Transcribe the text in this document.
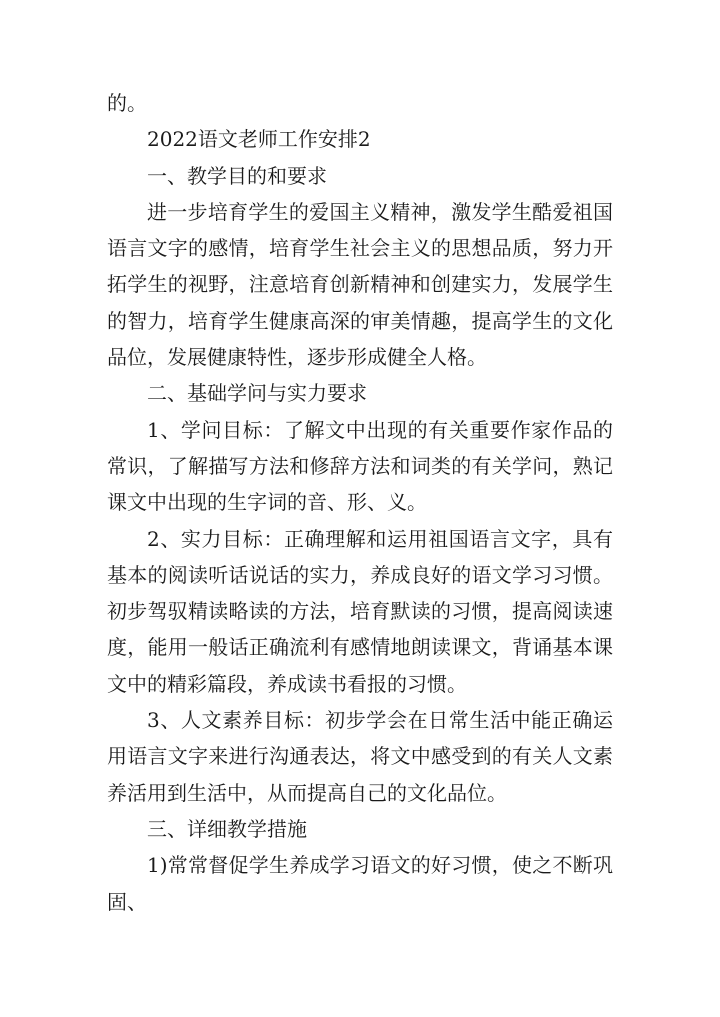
的。

2022语文老师工作安排2

一、教学目的和要求

进一步培育学生的爱国主义精神，激发学生酷爱祖国语言文字的感情，培育学生社会主义的思想品质，努力开拓学生的视野，注意培育创新精神和创建实力，发展学生的智力，培育学生健康高深的审美情趣，提高学生的文化品位，发展健康特性，逐步形成健全人格。

二、基础学问与实力要求

1、学问目标：了解文中出现的有关重要作家作品的常识，了解描写方法和修辞方法和词类的有关学问，熟记课文中出现的生字词的音、形、义。

2、实力目标：正确理解和运用祖国语言文字，具有基本的阅读听话说话的实力，养成良好的语文学习习惯。初步驾驭精读略读的方法，培育默读的习惯，提高阅读速度，能用一般话正确流利有感情地朗读课文，背诵基本课文中的精彩篇段，养成读书看报的习惯。

3、人文素养目标：初步学会在日常生活中能正确运用语言文字来进行沟通表达，将文中感受到的有关人文素养活用到生活中，从而提高自己的文化品位。

三、详细教学措施

1)常常督促学生养成学习语文的好习惯，使之不断巩固、
